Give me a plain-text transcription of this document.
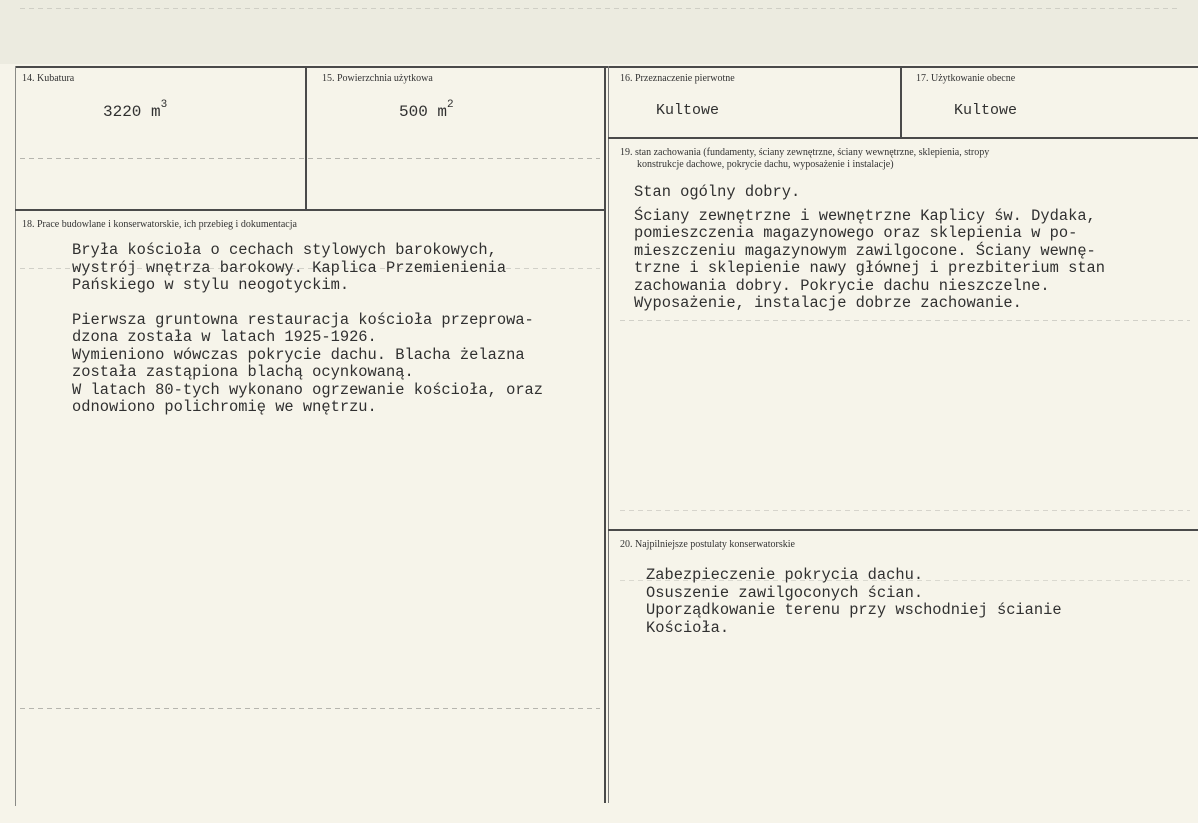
14. Kubatura
3220 $m^3$
15. Powierzchnia użytkowa
500 $m^2$
16. Przeznaczenie pierwotne
Kultowe
17. Użytkowanie obecne
Kultowe
18. Prace budowlane i konserwatorskie, ich przebieg i dokumentacja

Bryła kościoła o cechach stylowych barokowych,

wystrój wnętrza barokowy. Kaplica Przemienienia

Pańskiego w stylu neogotyckim.

Pierwsza gruntowna restauracja kościoła przeprowa-

dzona została w latach 1925-1926.

Wymieniono wówczas pokrycie dachu. Blacha żelazna

została zastąpiona blachą ocynkowaną.

W latach 80-tych wykonano ogrzewanie kościoła, oraz

odnowiono polichromię we wnętrzu.

19. stan zachowania (fundamenty, ściany zewnętrzne, ściany wewnętrzne, sklepienia, stropy
konstrukcje dachowe, pokrycie dachu, wyposażenie i instalacje)

Stan ogólny dobry.

Ściany zewnętrzne i wewnętrzne Kaplicy św. Dydaka,

pomieszczenia magazynowego oraz sklepienia w po-

mieszczeniu magazynowym zawilgocone. Ściany wewnę-

trzne i sklepienie nawy głównej i prezbiterium stan

zachowania dobry. Pokrycie dachu nieszczelne.

Wyposażenie, instalacje dobrze zachowanie.

20. Najpilniejsze postulaty konserwatorskie

Zabezpieczenie pokrycia dachu.

Osuszenie zawilgoconych ścian.

Uporządkowanie terenu przy wschodniej ścianie

Kościoła.
